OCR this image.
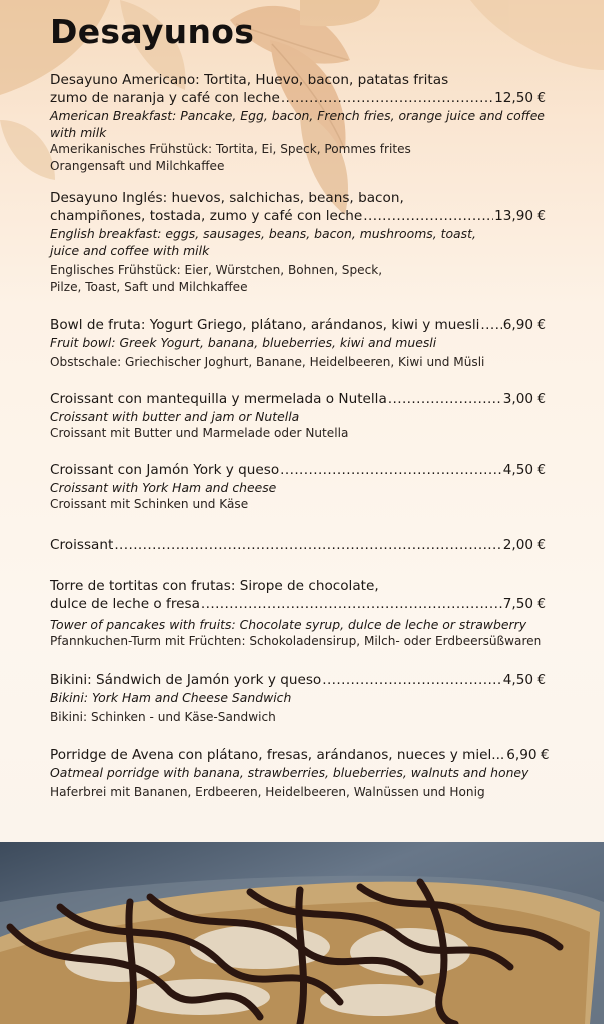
Desayunos
Desayuno Americano: Tortita, Huevo, bacon, patatas fritas
zumo de naranja y café con leche .....	12,50 €
American Breakfast: Pancake, Egg, bacon, French fries, orange juice and coffee
with milk
Amerikanisches Frühstück: Tortita, Ei, Speck, Pommes frites
Orangensaft und Milchkaffee
Desayuno Inglés: huevos, salchichas, beans, bacon,
champiñones, tostada, zumo y café con leche .....	13,90 €
English breakfast: eggs, sausages, beans, bacon, mushrooms, toast,
juice and coffee with milk
Englisches Frühstück: Eier, Würstchen, Bohnen, Speck,
Pilze, Toast, Saft und Milchkaffee
Bowl de fruta: Yogurt Griego, plátano, arándanos, kiwi y muesli ..... 6,90 €
Fruit bowl: Greek Yogurt, banana, blueberries, kiwi and muesli
Obstschale: Griechischer Joghurt, Banane, Heidelbeeren, Kiwi und Müsli
Croissant con mantequilla y mermelada o Nutella .....	3,00 €
Croissant with butter and jam or Nutella
Croissant mit Butter und Marmelade oder Nutella
Croissant con Jamón York y queso .....	4,50 €
Croissant with York Ham and cheese
Croissant mit Schinken und Käse
Croissant .....	2,00 €
Torre de tortitas con frutas: Sirope de chocolate,
dulce de leche o fresa .....	7,50 €
Tower of pancakes with fruits: Chocolate syrup, dulce de leche or strawberry
Pfannkuchen-Turm mit Früchten: Schokoladensirup, Milch- oder Erdbeersüßwaren
Bikini: Sándwich de Jamón york y queso .....	4,50 €
Bikini: York Ham and Cheese Sandwich
Bikini: Schinken - und Käse-Sandwich
Porridge de Avena con plátano, fresas, arándanos, nueces y miel... 6,90 €
Oatmeal porridge with banana, strawberries, blueberries, walnuts and honey
Haferbrei mit Bananen, Erdbeeren, Heidelbeeren, Walnüssen und Honig
